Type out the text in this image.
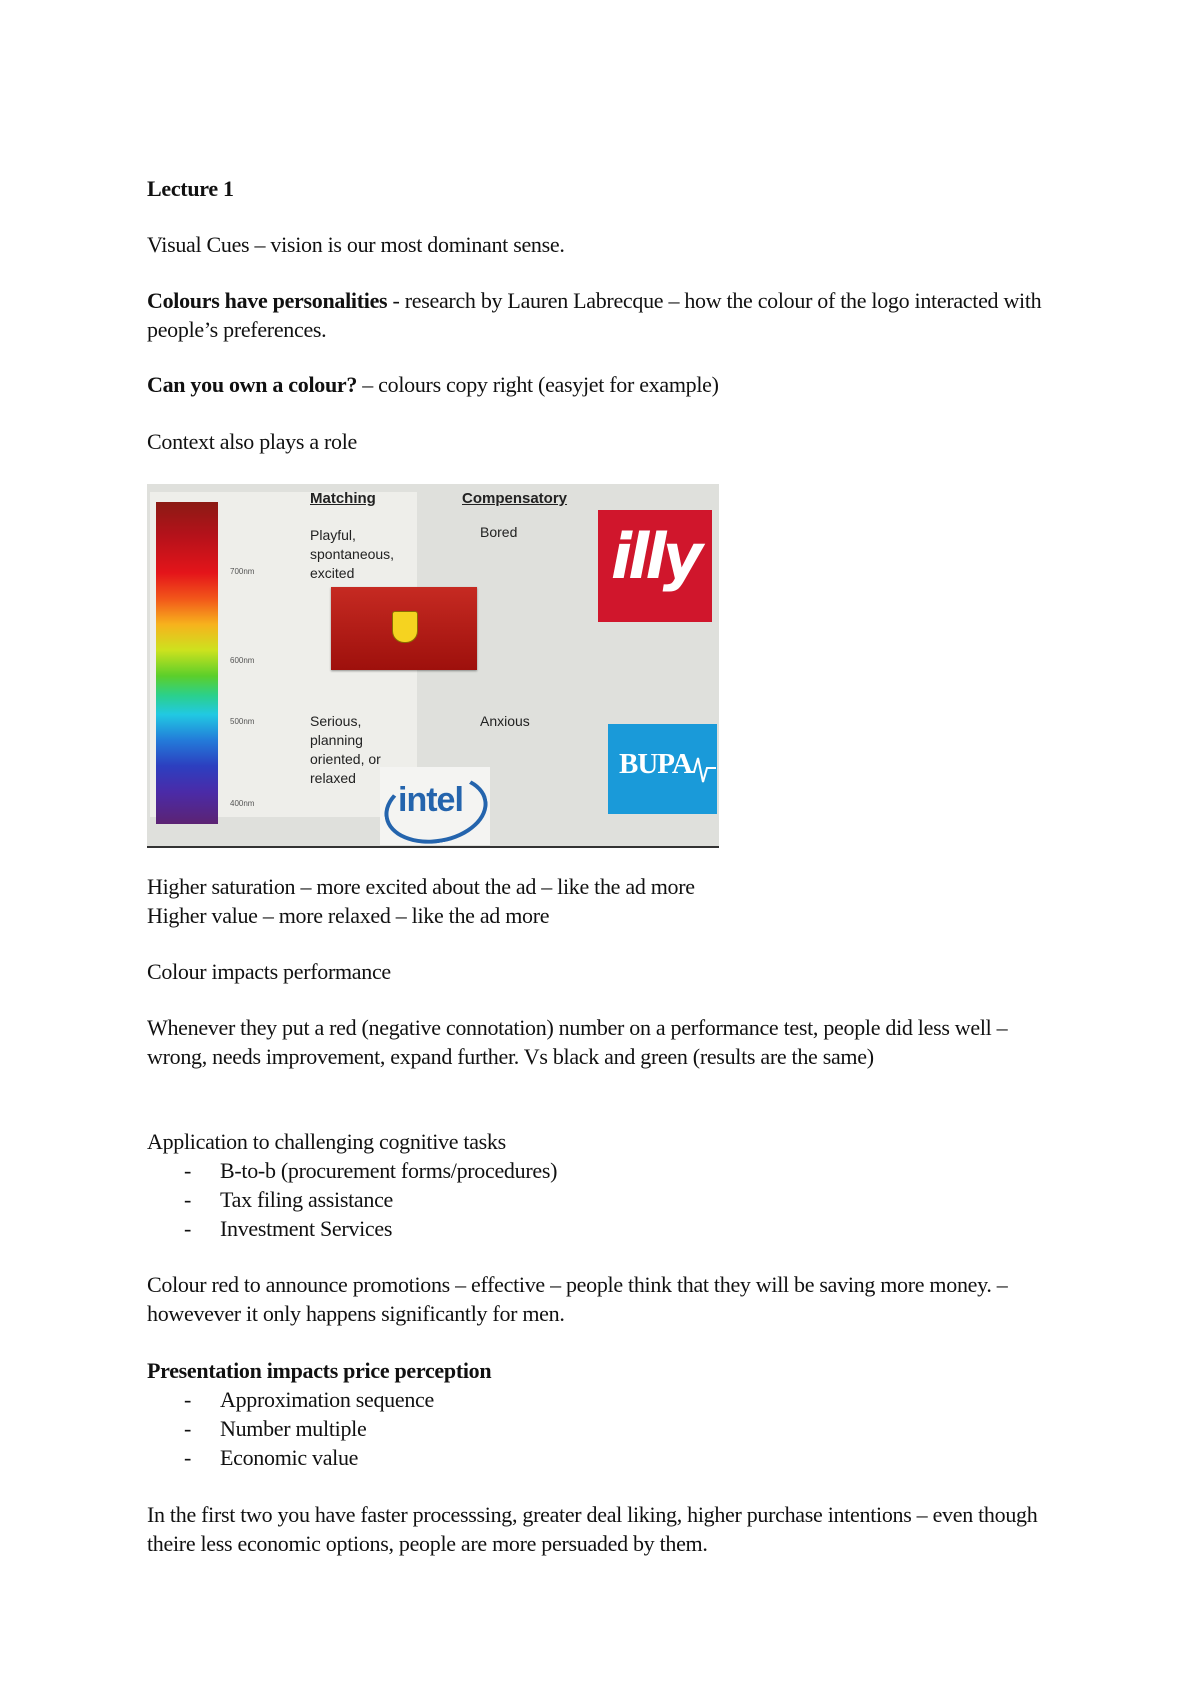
Lecture 1
Visual Cues – vision is our most dominant sense.
Colours have personalities - research by Lauren Labrecque – how the colour of the logo interacted with people’s preferences.
Can you own a colour? – colours copy right (easyjet for example)
Context also plays a role
Higher saturation – more excited about the ad – like the ad more
Higher value – more relaxed – like the ad more
Colour impacts performance
Whenever they put a red (negative connotation) number on a performance test, people did less well – wrong, needs improvement, expand further. Vs black and green (results are the same)
Application to challenging cognitive tasks
- B-to-b (procurement forms/procedures)
- Tax filing assistance
- Investment Services
Colour red to announce promotions – effective – people think that they will be saving more money. – howevever it only happens significantly for men.
Presentation impacts price perception
- Approximation sequence
- Number multiple
- Economic value
In the first two you have faster processsing, greater deal liking, higher purchase intentions – even though theire less economic options, people are more persuaded by them.
700nm
600nm
500nm
400nm
Matching	Compensatory
Playful,
spontaneous,
excited
Bored illy
Serious,
planning
oriented, or
relaxed
Anxious
BUPA
intel
